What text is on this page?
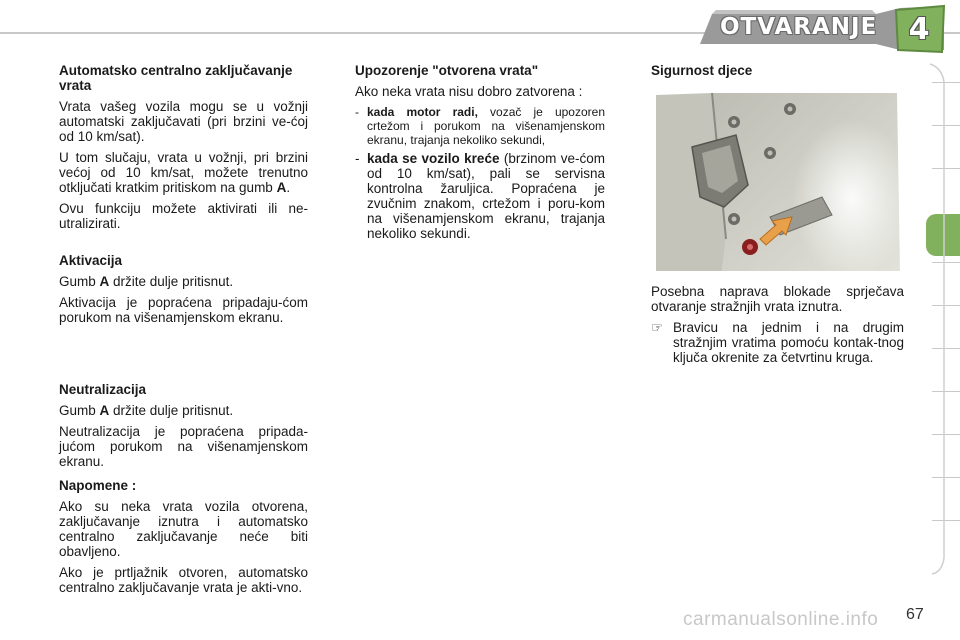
OTVARANJE 4
Automatsko centralno zaključavanje vrata

Vrata vašeg vozila mogu se u vožnji automatski zaključavati (pri brzini ve-ćoj od 10 km/sat).

U tom slučaju, vrata u vožnji, pri brzini većoj od 10 km/sat, možete trenutno otključati kratkim pritiskom na gumb A.

Ovu funkciju možete aktivirati ili ne-utralizirati.

Aktivacija

Gumb A držite dulje pritisnut.

Aktivacija je popraćena pripadaju-ćom porukom na višenamjenskom ekranu.

Neutralizacija

Gumb A držite dulje pritisnut.

Neutralizacija je popraćena pripada-jućom porukom na višenamjenskom ekranu.

Napomene :

Ako su neka vrata vozila otvorena, zaključavanje iznutra i automatsko centralno zaključavanje neće biti obavljeno.

Ako je prtljažnik otvoren, automatsko centralno zaključavanje vrata je akti-vno.

Upozorenje "otvorena vrata"

Ako neka vrata nisu dobro zatvorena :

- kada motor radi, vozač je upozoren crtežom i porukom na višenamjenskom ekranu, trajanja nekoliko sekundi,
- kada se vozilo kreće (brzinom ve-ćom od 10 km/sat), pali se servisna kontrolna žaruljica. Popraćena je zvučnim znakom, crtežom i poru-kom na višenamjenskom ekranu, trajanja nekoliko sekundi.
Sigurnost djece

Posebna naprava blokade sprječava otvaranje stražnjih vrata iznutra.

☞ Bravicu na jednim i na drugim stražnjim vratima pomoću kontak-tnog ključa okrenite za četvrtinu kruga.
carmanualsonline.info 67
